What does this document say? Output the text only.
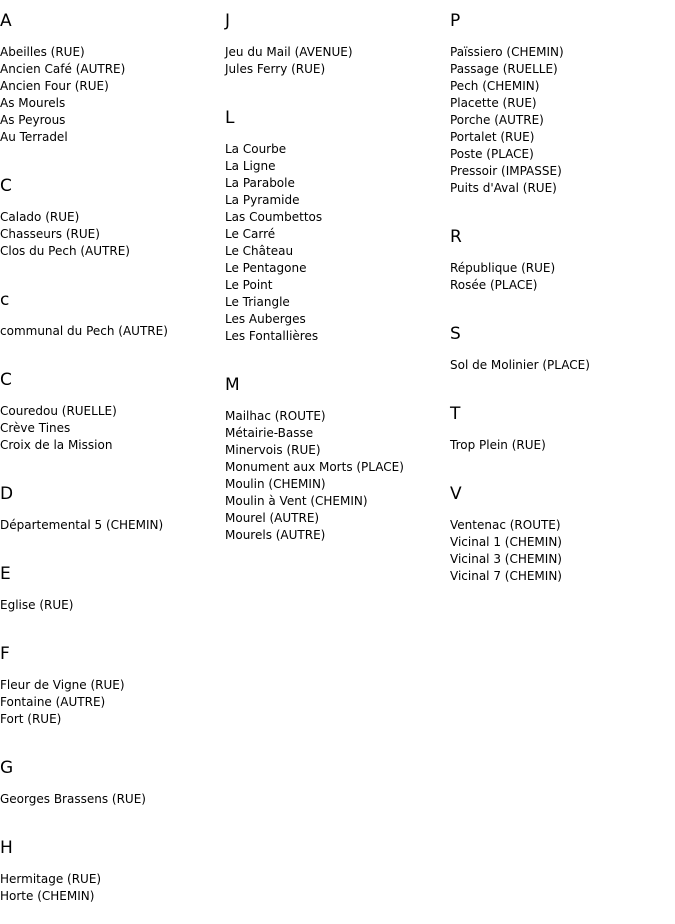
A
Abeilles (RUE)
Ancien Café (AUTRE)
Ancien Four (RUE)
As Mourels
As Peyrous
Au Terradel
C
Calado (RUE)
Chasseurs (RUE)
Clos du Pech (AUTRE)
c
communal du Pech (AUTRE)
C
Couredou (RUELLE)
Crève Tines
Croix de la Mission
D
Départemental 5 (CHEMIN)
E
Eglise (RUE)
F
Fleur de Vigne (RUE)
Fontaine (AUTRE)
Fort (RUE)
G
Georges Brassens (RUE)
H
Hermitage (RUE)
Horte (CHEMIN)
J
Jeu du Mail (AVENUE)
Jules Ferry (RUE)
L
La Courbe
La Ligne
La Parabole
La Pyramide
Las Coumbettos
Le Carré
Le Château
Le Pentagone
Le Point
Le Triangle
Les Auberges
Les Fontallières
M
Mailhac (ROUTE)
Métairie-Basse
Minervois (RUE)
Monument aux Morts (PLACE)
Moulin (CHEMIN)
Moulin à Vent (CHEMIN)
Mourel (AUTRE)
Mourels (AUTRE)
P
Païssiero (CHEMIN)
Passage (RUELLE)
Pech (CHEMIN)
Placette (RUE)
Porche (AUTRE)
Portalet (RUE)
Poste (PLACE)
Pressoir (IMPASSE)
Puits d'Aval (RUE)
R
République (RUE)
Rosée (PLACE)
S
Sol de Molinier (PLACE)
T
Trop Plein (RUE)
V
Ventenac (ROUTE)
Vicinal 1 (CHEMIN)
Vicinal 3 (CHEMIN)
Vicinal 7 (CHEMIN)
